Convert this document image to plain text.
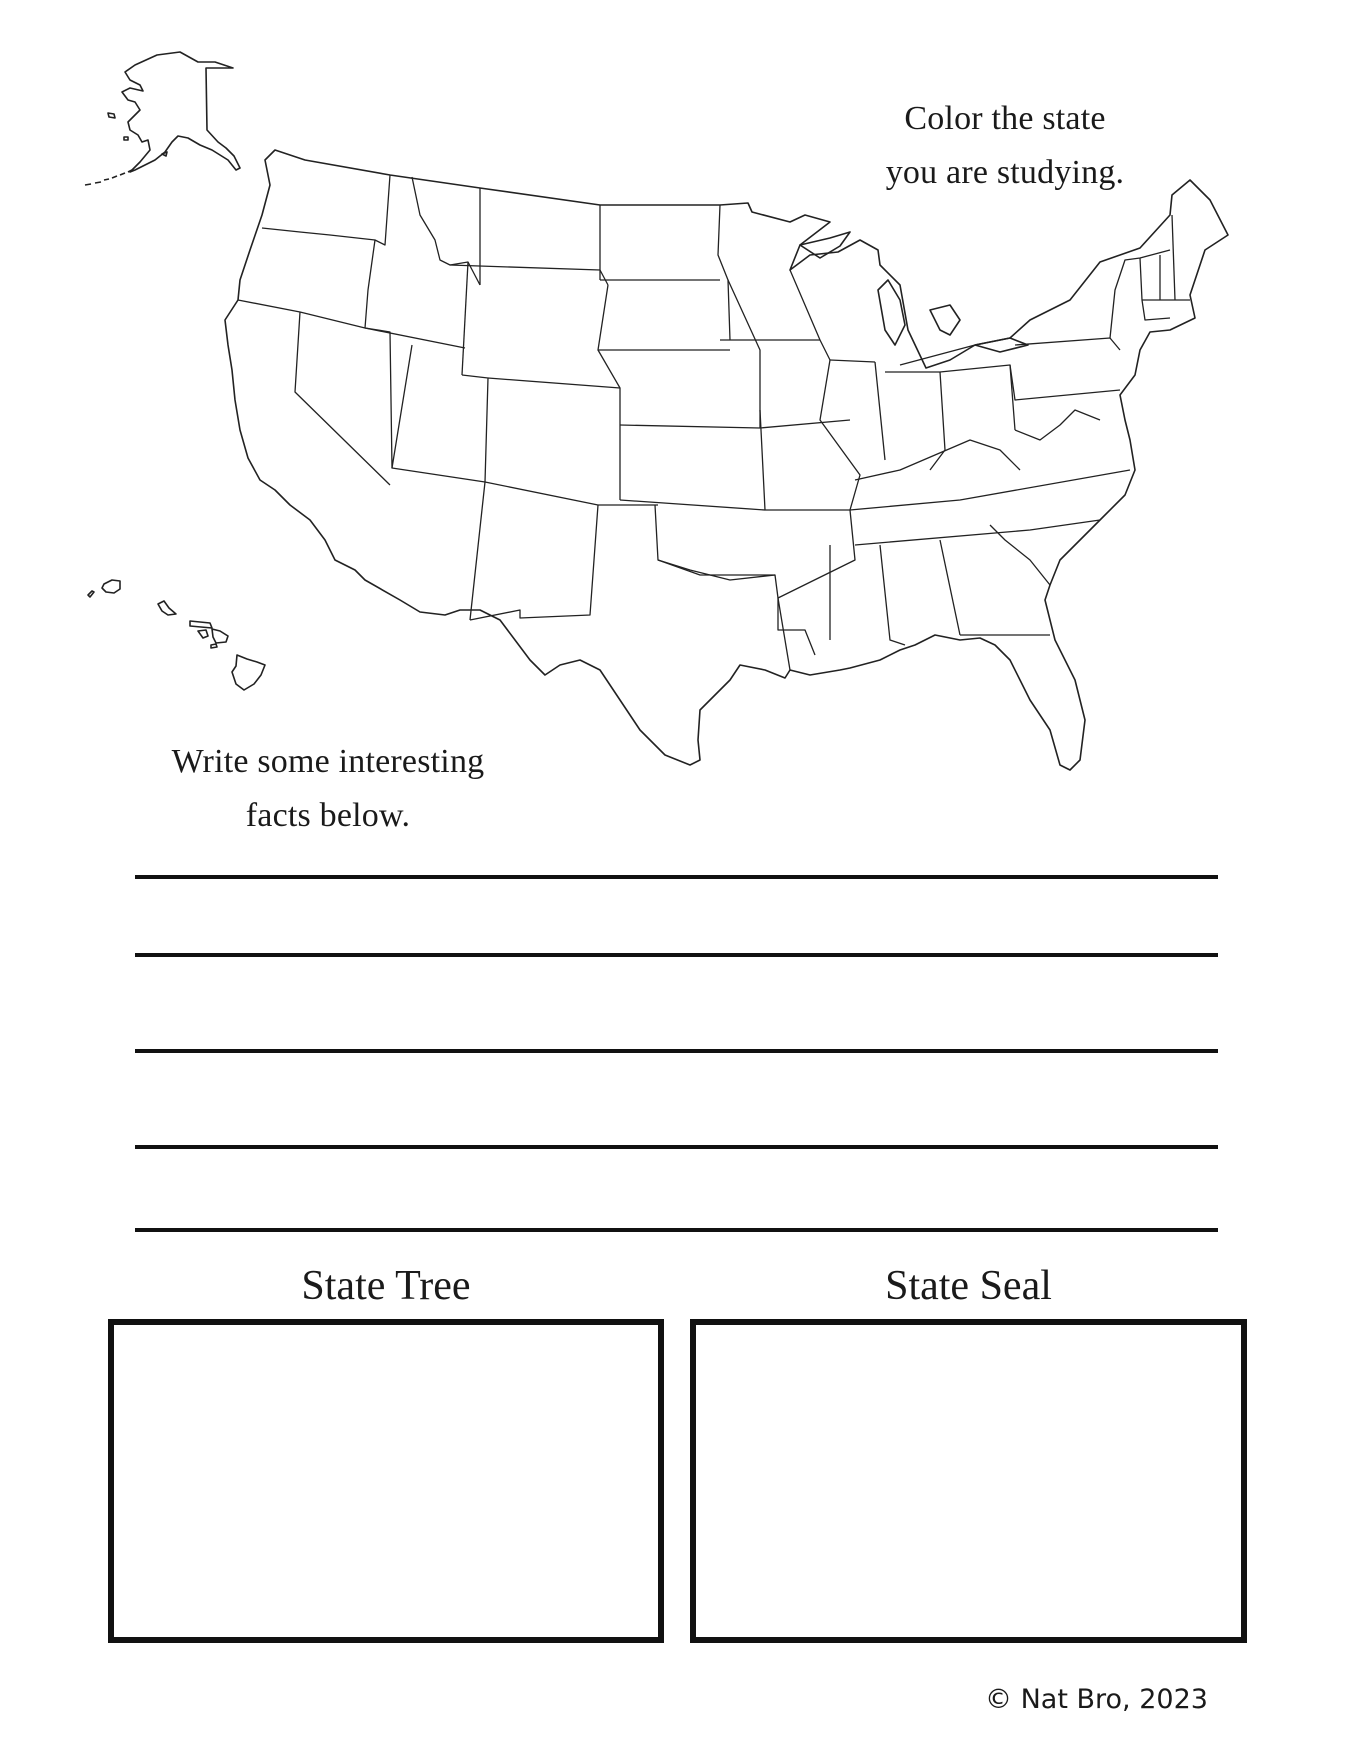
Color the state
you are studying.
Write some interesting
facts below.
State Tree	State Seal
© Nat Bro, 2023
